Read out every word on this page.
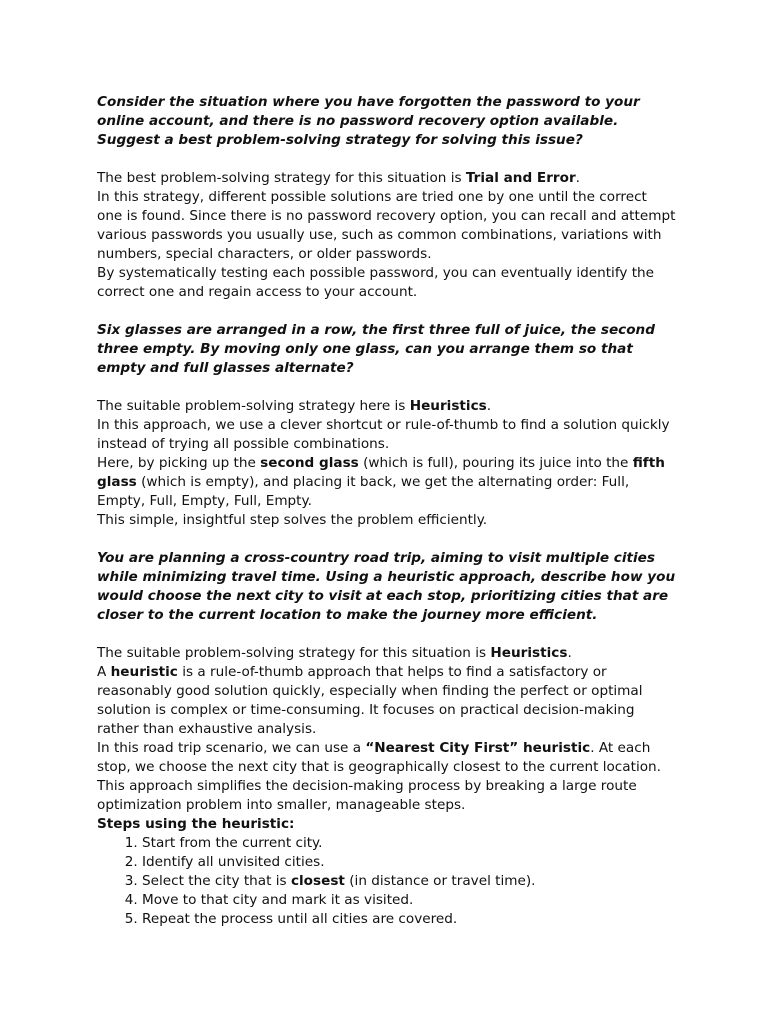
Consider the situation where you have forgotten the password to your online account, and there is no password recovery option available. Suggest a best problem-solving strategy for solving this issue?

The best problem-solving strategy for this situation is Trial and Error.

In this strategy, different possible solutions are tried one by one until the correct one is found. Since there is no password recovery option, you can recall and attempt various passwords you usually use, such as common combinations, variations with numbers, special characters, or older passwords.

By systematically testing each possible password, you can eventually identify the correct one and regain access to your account.

Six glasses are arranged in a row, the first three full of juice, the second three empty. By moving only one glass, can you arrange them so that empty and full glasses alternate?

The suitable problem-solving strategy here is Heuristics.

In this approach, we use a clever shortcut or rule-of-thumb to find a solution quickly instead of trying all possible combinations.

Here, by picking up the second glass (which is full), pouring its juice into the fifth glass (which is empty), and placing it back, we get the alternating order: Full, Empty, Full, Empty, Full, Empty.

This simple, insightful step solves the problem efficiently.

You are planning a cross-country road trip, aiming to visit multiple cities while minimizing travel time. Using a heuristic approach, describe how you would choose the next city to visit at each stop, prioritizing cities that are closer to the current location to make the journey more efficient.

The suitable problem-solving strategy for this situation is Heuristics.

A heuristic is a rule-of-thumb approach that helps to find a satisfactory or reasonably good solution quickly, especially when finding the perfect or optimal solution is complex or time-consuming. It focuses on practical decision-making rather than exhaustive analysis.

In this road trip scenario, we can use a “Nearest City First” heuristic. At each stop, we choose the next city that is geographically closest to the current location. This approach simplifies the decision-making process by breaking a large route optimization problem into smaller, manageable steps.

Steps using the heuristic:

1. Start from the current city.
2. Identify all unvisited cities.
3. Select the city that is closest (in distance or travel time).
4. Move to that city and mark it as visited.
5. Repeat the process until all cities are covered.
